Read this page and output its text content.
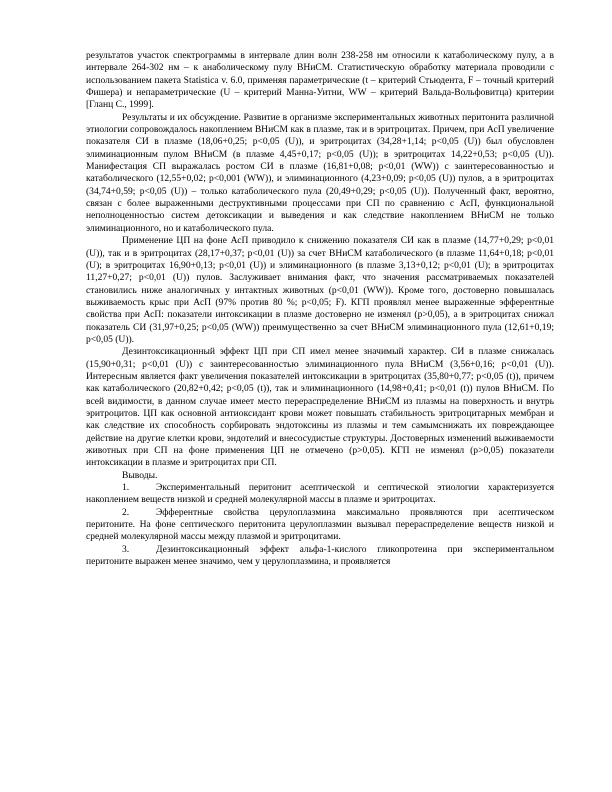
результатов участок спектрограммы в интервале длин волн 238-258 нм относили к катаболическому пулу, а в интервале 264-302 нм – к анаболическому пулу ВНиСМ. Статистическую обработку материала проводили с использованием пакета Statistica v. 6.0, применяя параметрические (t – критерий Стьюдента, F – точный критерий Фишера) и непараметрические (U – критерий Манна-Уитни, WW – критерий Вальда-Вольфовитца) критерии [Гланц С., 1999].

Результаты и их обсуждение. Развитие в организме экспериментальных животных перитонита различной этиологии сопровождалось накоплением ВНиСМ как в плазме, так и в эритроцитах. Причем, при АсП увеличение показателя СИ в плазме (18,06+0,25; p<0,05 (U)), и эритроцитах (34,28+1,14; p<0,05 (U)) был обусловлен элиминационным пулом ВНиСМ (в плазме 4,45+0,17; p<0,05 (U)); в эритроцитах 14,22+0,53; p<0,05 (U)). Манифестация СП выражалась ростом СИ в плазме (16,81+0,08; p<0,01 (WW)) с заинтересованностью и катаболического (12,55+0,02; p<0,001 (WW)), и элиминационного (4,23+0,09; p<0,05 (U)) пулов, а в эритроцитах (34,74+0,59; p<0,05 (U)) – только катаболического пула (20,49+0,29; p<0,05 (U)). Полученный факт, вероятно, связан с более выраженными деструктивными процессами при СП по сравнению с АсП, функциональной неполноценностью систем детоксикации и выведения и как следствие накоплением ВНиСМ не только элиминационного, но и катаболического пула.

Применение ЦП на фоне АсП приводило к снижению показателя СИ как в плазме (14,77+0,29; p<0,01 (U)), так и в эритроцитах (28,17+0,37; p<0,01 (U)) за счет ВНиСМ катаболического (в плазме 11,64+0,18; p<0,01 (U); в эритроцитах 16,90+0,13; p<0,01 (U)) и элиминационного (в плазме 3,13+0,12; p<0,01 (U); в эритроцитах 11,27+0,27; p<0,01 (U)) пулов. Заслуживает внимания факт, что значения рассматриваемых показателей становились ниже аналогичных у интактных животных (p<0,01 (WW)). Кроме того, достоверно повышалась выживаемость крыс при АсП (97% против 80 %; p<0,05; F). КГП проявлял менее выраженные эфферентные свойства при АсП: показатели интоксикации в плазме достоверно не изменял (p>0,05), а в эритроцитах снижал показатель СИ (31,97+0,25; p<0,05 (WW)) преимущественно за счет ВНиСМ элиминационного пула (12,61+0,19; p<0,05 (U)).

Дезинтоксикационный эффект ЦП при СП имел менее значимый характер. СИ в плазме снижалась (15,90+0,31; p<0,01 (U)) с заинтересованностью элиминационного пула ВНиСМ (3,56+0,16; p<0,01 (U)). Интересным является факт увеличения показателей интоксикации в эритроцитах (35,80+0,77; p<0,05 (t)), причем как катаболического (20,82+0,42; p<0,05 (t)), так и элиминационного (14,98+0,41; p<0,01 (t)) пулов ВНиСМ. По всей видимости, в данном случае имеет место перераспределение ВНиСМ из плазмы на поверхность и внутрь эритроцитов. ЦП как основной антиоксидант крови может повышать стабильность эритроцитарных мембран и как следствие их способность сорбировать эндотоксины из плазмы и тем самымснижать их повреждающее действие на другие клетки крови, эндотелий и внесосудистые структуры. Достоверных изменений выживаемости животных при СП на фоне применения ЦП не отмечено (p>0,05). КГП не изменял (p>0,05) показатели интоксикации в плазме и эритроцитах при СП.

Выводы.

1.	Экспериментальный перитонит асептической и септической этиологии характеризуется накоплением веществ низкой и средней молекулярной массы в плазме и эритроцитах.

2.	Эфферентные свойства церулоплазмина максимально проявляются при асептическом перитоните. На фоне септического перитонита церулоплазмин вызывал перераспределение веществ низкой и средней молекулярной массы между плазмой и эритроцитами.

3.	Дезинтоксикационный эффект альфа-1-кислого гликопротеина при экспериментальном перитоните выражен менее значимо, чем у церулоплазмина, и проявляется
